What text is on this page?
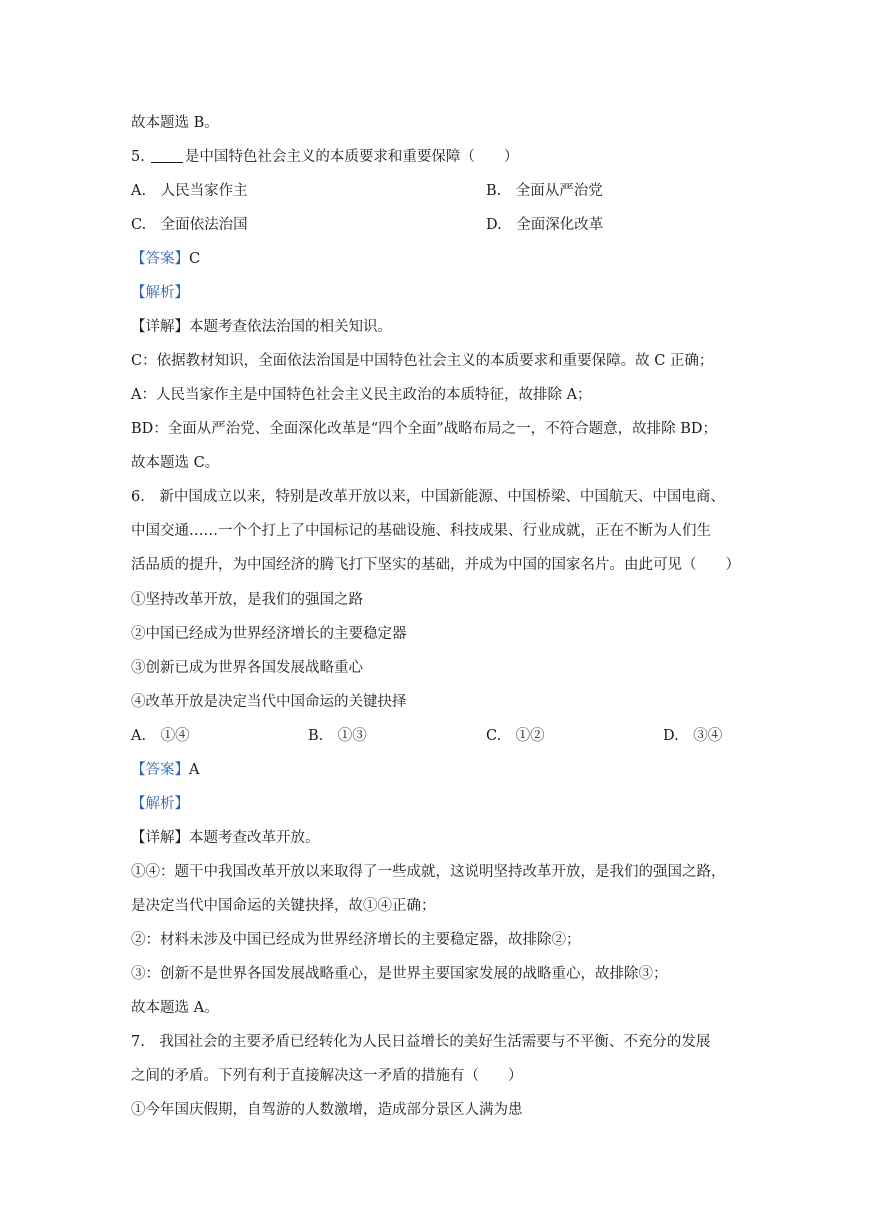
故本题选 B。
5.	是中国特色社会主义的本质要求和重要保障（　　）
A.　人民当家作主	B.　全面从严治党
C.　全面依法治国	D.　全面深化改革
【答案】C
【解析】
【详解】本题考查依法治国的相关知识。
C：依据教材知识，全面依法治国是中国特色社会主义的本质要求和重要保障。故 C 正确；
A：人民当家作主是中国特色社会主义民主政治的本质特征，故排除 A；
BD：全面从严治党、全面深化改革是“四个全面”战略布局之一，不符合题意，故排除 BD；
故本题选 C。
6.　新中国成立以来，特别是改革开放以来，中国新能源、中国桥梁、中国航天、中国电商、
中国交通……一个个打上了中国标记的基础设施、科技成果、行业成就，正在不断为人们生
活品质的提升，为中国经济的腾飞打下坚实的基础，并成为中国的国家名片。由此可见（　　）
①坚持改革开放，是我们的强国之路
②中国已经成为世界经济增长的主要稳定器
③创新已成为世界各国发展战略重心
④改革开放是决定当代中国命运的关键抉择
A.　①④	B.　①③	C.　①②	D.　③④
【答案】A
【解析】
【详解】本题考查改革开放。
①④：题干中我国改革开放以来取得了一些成就，这说明坚持改革开放，是我们的强国之路，
是决定当代中国命运的关键抉择，故①④正确；
②：材料未涉及中国已经成为世界经济增长的主要稳定器，故排除②；
③：创新不是世界各国发展战略重心，是世界主要国家发展的战略重心，故排除③；
故本题选 A。
7.　我国社会的主要矛盾已经转化为人民日益增长的美好生活需要与不平衡、不充分的发展
之间的矛盾。下列有利于直接解决这一矛盾的措施有（　　）
①今年国庆假期，自驾游的人数激增，造成部分景区人满为患
